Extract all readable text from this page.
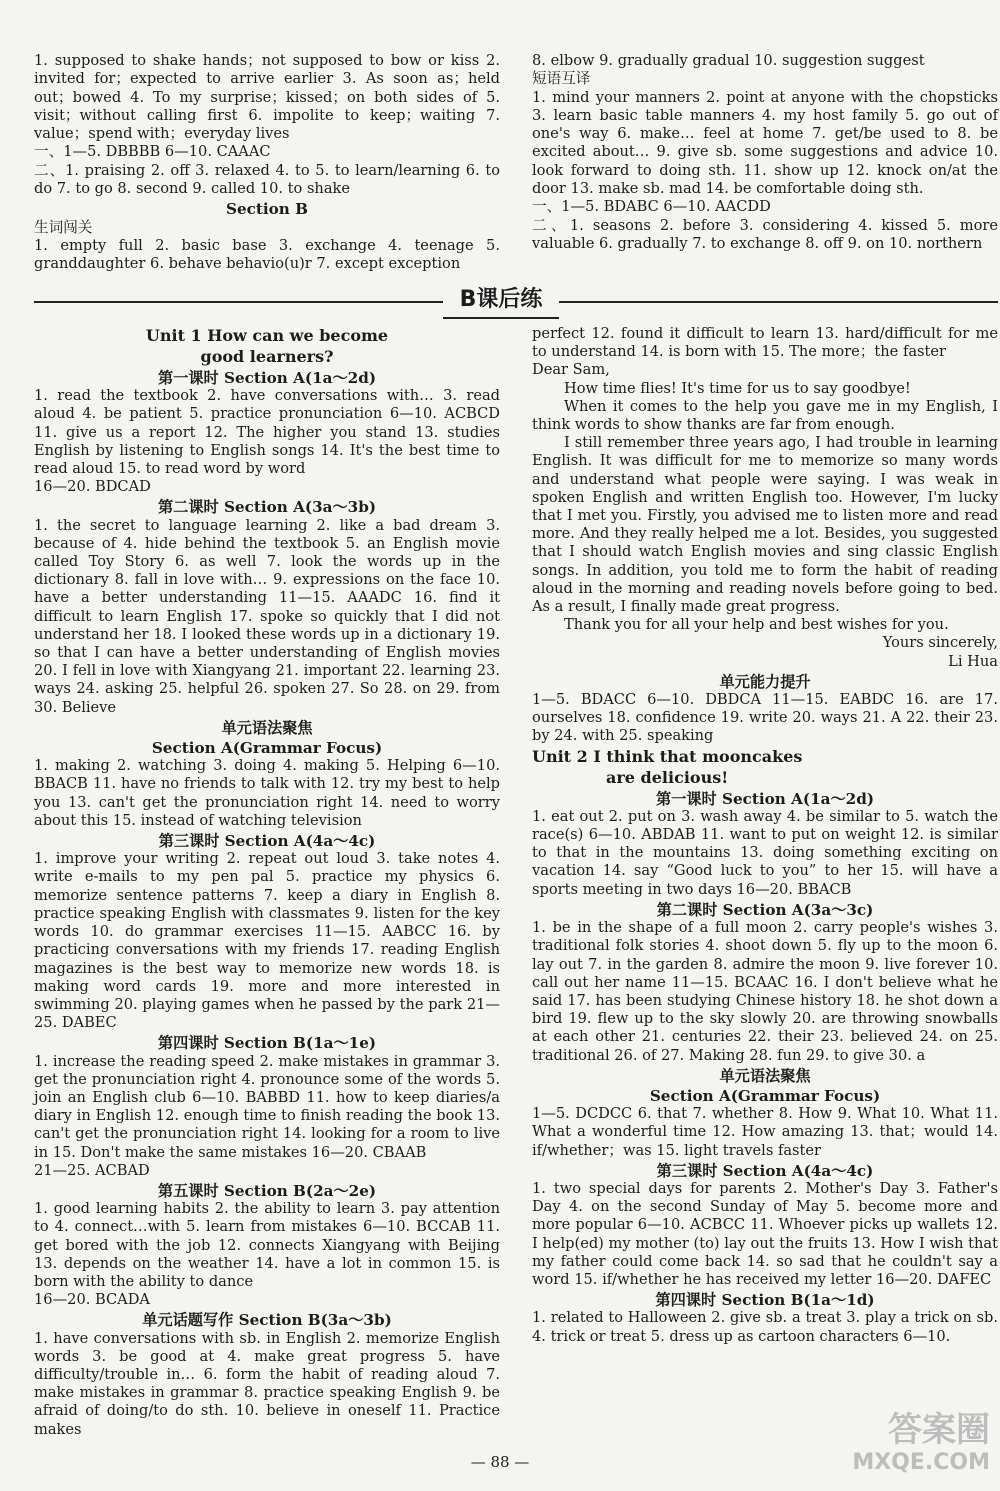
1. supposed to shake hands；not supposed to bow or kiss 2. invited for；expected to arrive earlier 3. As soon as；held out；bowed 4. To my surprise；kissed；on both sides of 5. visit；without calling first 6. impolite to keep；waiting 7. value；spend with；everyday lives

一、1—5. DBBBB 6—10. CAAAC

二、1. praising 2. off 3. relaxed 4. to 5. to learn/learning 6. to do 7. to go 8. second 9. called 10. to shake

Section B

生词闯关

1. empty full 2. basic base 3. exchange 4. teenage 5. granddaughter 6. behave behavio(u)r 7. except exception

8. elbow 9. gradually gradual 10. suggestion suggest

短语互译

1. mind your manners 2. point at anyone with the chopsticks 3. learn basic table manners 4. my host family 5. go out of one's way 6. make… feel at home 7. get/be used to 8. be excited about… 9. give sb. some suggestions and advice 10. look forward to doing sth. 11. show up 12. knock on/at the door 13. make sb. mad 14. be comfortable doing sth.

一、1—5. BDABC 6—10. AACDD

二、1. seasons 2. before 3. considering 4. kissed 5. more valuable 6. gradually 7. to exchange 8. off 9. on 10. northern

B课后练

Unit 1 How can we become

good learners?

第一课时 Section A(1a～2d)

1. read the textbook 2. have conversations with… 3. read aloud 4. be patient 5. practice pronunciation 6—10. ACBCD 11. give us a report 12. The higher you stand 13. studies English by listening to English songs 14. It's the best time to read aloud 15. to read word by word

16—20. BDCAD

第二课时 Section A(3a～3b)

1. the secret to language learning 2. like a bad dream 3. because of 4. hide behind the textbook 5. an English movie called Toy Story 6. as well 7. look the words up in the dictionary 8. fall in love with… 9. expressions on the face 10. have a better understanding 11—15. AAADC 16. find it difficult to learn English 17. spoke so quickly that I did not understand her 18. I looked these words up in a dictionary 19. so that I can have a better understanding of English movies 20. I fell in love with Xiangyang 21. important 22. learning 23. ways 24. asking 25. helpful 26. spoken 27. So 28. on 29. from 30. Believe

单元语法聚焦

Section A(Grammar Focus)

1. making 2. watching 3. doing 4. making 5. Helping 6—10. BBACB 11. have no friends to talk with 12. try my best to help you 13. can't get the pronunciation right 14. need to worry about this 15. instead of watching television

第三课时 Section A(4a～4c)

1. improve your writing 2. repeat out loud 3. take notes 4. write e-mails to my pen pal 5. practice my physics 6. memorize sentence patterns 7. keep a diary in English 8. practice speaking English with classmates 9. listen for the key words 10. do grammar exercises 11—15. AABCC 16. by practicing conversations with my friends 17. reading English magazines is the best way to memorize new words 18. is making word cards 19. more and more interested in swimming 20. playing games when he passed by the park 21—25. DABEC

第四课时 Section B(1a～1e)

1. increase the reading speed 2. make mistakes in grammar 3. get the pronunciation right 4. pronounce some of the words 5. join an English club 6—10. BABBD 11. how to keep diaries/a diary in English 12. enough time to finish reading the book 13. can't get the pronunciation right 14. looking for a room to live in 15. Don't make the same mistakes 16—20. CBAAB

21—25. ACBAD

第五课时 Section B(2a～2e)

1. good learning habits 2. the ability to learn 3. pay attention to 4. connect…with 5. learn from mistakes 6—10. BCCAB 11. get bored with the job 12. connects Xiangyang with Beijing 13. depends on the weather 14. have a lot in common 15. is born with the ability to dance

16—20. BCADA

单元话题写作 Section B(3a～3b)

1. have conversations with sb. in English 2. memorize English words 3. be good at 4. make great progress 5. have difficulty/trouble in… 6. form the habit of reading aloud 7. make mistakes in grammar 8. practice speaking English 9. be afraid of doing/to do sth. 10. believe in oneself 11. Practice makes

perfect 12. found it difficult to learn 13. hard/difficult for me to understand 14. is born with 15. The more；the faster

Dear Sam,

How time flies! It's time for us to say goodbye!

When it comes to the help you gave me in my English, I think words to show thanks are far from enough.

I still remember three years ago, I had trouble in learning English. It was difficult for me to memorize so many words and understand what people were saying. I was weak in spoken English and written English too. However, I'm lucky that I met you. Firstly, you advised me to listen more and read more. And they really helped me a lot. Besides, you suggested that I should watch English movies and sing classic English songs. In addition, you told me to form the habit of reading aloud in the morning and reading novels before going to bed. As a result, I finally made great progress.

Thank you for all your help and best wishes for you.

Yours sincerely,

Li Hua

单元能力提升

1—5. BDACC 6—10. DBDCA 11—15. EABDC 16. are 17. ourselves 18. confidence 19. write 20. ways 21. A 22. their 23. by 24. with 25. speaking

Unit 2 I think that mooncakes

are delicious!

第一课时 Section A(1a～2d)

1. eat out 2. put on 3. wash away 4. be similar to 5. watch the race(s) 6—10. ABDAB 11. want to put on weight 12. is similar to that in the mountains 13. doing something exciting on vacation 14. say “Good luck to you” to her 15. will have a sports meeting in two days 16—20. BBACB

第二课时 Section A(3a～3c)

1. be in the shape of a full moon 2. carry people's wishes 3. traditional folk stories 4. shoot down 5. fly up to the moon 6. lay out 7. in the garden 8. admire the moon 9. live forever 10. call out her name 11—15. BCAAC 16. I don't believe what he said 17. has been studying Chinese history 18. he shot down a bird 19. flew up to the sky slowly 20. are throwing snowballs at each other 21. centuries 22. their 23. believed 24. on 25. traditional 26. of 27. Making 28. fun 29. to give 30. a

单元语法聚焦

Section A(Grammar Focus)

1—5. DCDCC 6. that 7. whether 8. How 9. What 10. What 11. What a wonderful time 12. How amazing 13. that；would 14. if/whether；was 15. light travels faster

第三课时 Section A(4a～4c)

1. two special days for parents 2. Mother's Day 3. Father's Day 4. on the second Sunday of May 5. become more and more popular 6—10. ACBCC 11. Whoever picks up wallets 12. I help(ed) my mother (to) lay out the fruits 13. How I wish that my father could come back 14. so sad that he couldn't say a word 15. if/whether he has received my letter 16—20. DAFEC

第四课时 Section B(1a～1d)

1. related to Halloween 2. give sb. a treat 3. play a trick on sb. 4. trick or treat 5. dress up as cartoon characters 6—10.

— 88 —
答案圈
MXQE.COM
